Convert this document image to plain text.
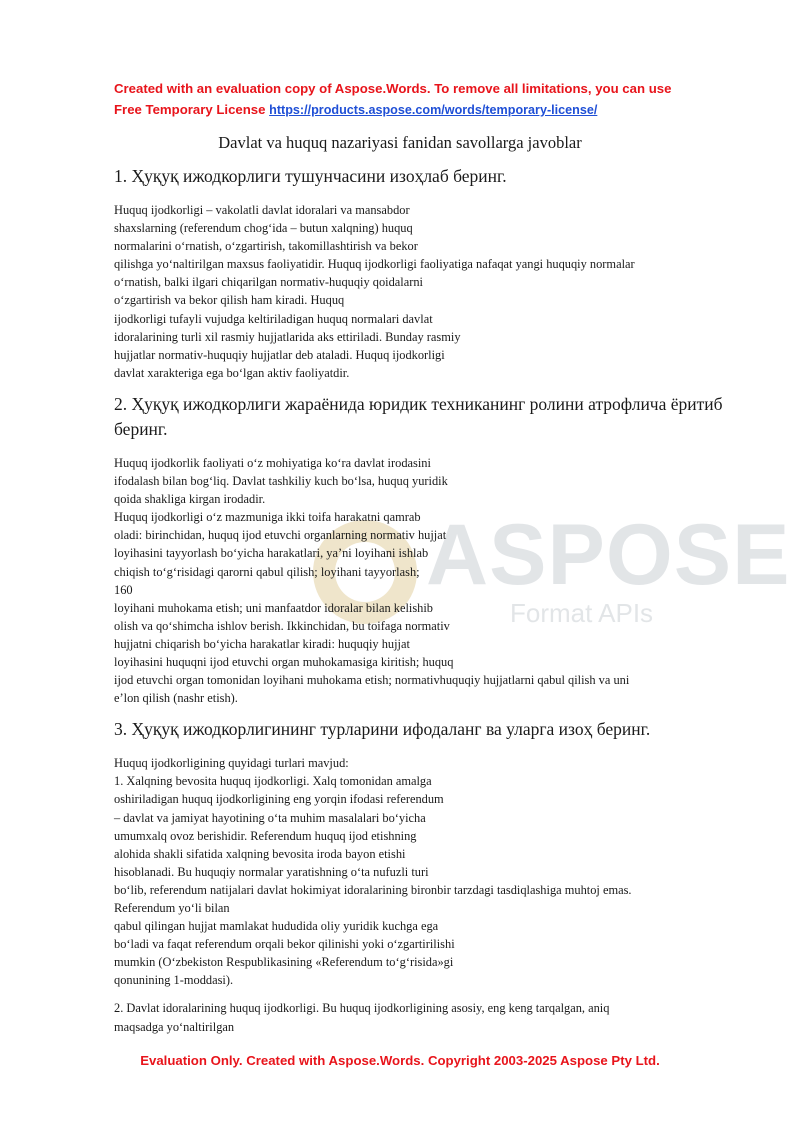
Created with an evaluation copy of Aspose.Words. To remove all limitations, you can use
Free Temporary License https://products.aspose.com/words/temporary-license/
Davlat va huquq nazariyasi fanidan savollarga javoblar
ASPOSE
Format APIs
1. Ҳуқуқ ижодкорлиги тушунчасини изоҳлаб беринг.

Huquq ijodkorligi – vakolatli davlat idoralari va mansabdor
shaxslarning (referendum chog‘ida – butun xalqning) huquq
normalarini o‘rnatish, o‘zgartirish, takomillashtirish va bekor
qilishga yo‘naltirilgan maxsus faoliyatidir. Huquq ijodkorligi faoliyatiga nafaqat yangi huquqiy normalar
o‘rnatish, balki ilgari chiqarilgan normativ-huquqiy qoidalarni
o‘zgartirish va bekor qilish ham kiradi. Huquq
ijodkorligi tufayli vujudga keltiriladigan huquq normalari davlat
idoralarining turli xil rasmiy hujjatlarida aks ettiriladi. Bunday rasmiy
hujjatlar normativ-huquqiy hujjatlar deb ataladi. Huquq ijodkorligi
davlat xarakteriga ega bo‘lgan aktiv faoliyatdir.

2. Ҳуқуқ ижодкорлиги жараёнида юридик техниканинг ролини атрофлича ёритиб беринг.

Huquq ijodkorlik faoliyati o‘z mohiyatiga ko‘ra davlat irodasini
ifodalash bilan bog‘liq. Davlat tashkiliy kuch bo‘lsa, huquq yuridik
qoida shakliga kirgan irodadir.
Huquq ijodkorligi o‘z mazmuniga ikki toifa harakatni qamrab
oladi: birinchidan, huquq ijod etuvchi organlarning normativ hujjat
loyihasini tayyorlash bo‘yicha harakatlari, ya’ni loyihani ishlab
chiqish to‘g‘risidagi qarorni qabul qilish; loyihani tayyorlash;
160
loyihani muhokama etish; uni manfaatdor idoralar bilan kelishib
olish va qo‘shimcha ishlov berish. Ikkinchidan, bu toifaga normativ
hujjatni chiqarish bo‘yicha harakatlar kiradi: huquqiy hujjat
loyihasini huquqni ijod etuvchi organ muhokamasiga kiritish; huquq
ijod etuvchi organ tomonidan loyihani muhokama etish; normativhuquqiy hujjatlarni qabul qilish va uni
e’lon qilish (nashr etish).

3. Ҳуқуқ ижодкорлигининг турларини ифодаланг ва уларга изоҳ беринг.

Huquq ijodkorligining quyidagi turlari mavjud:
1. Xalqning bevosita huquq ijodkorligi. Xalq tomonidan amalga
oshiriladigan huquq ijodkorligining eng yorqin ifodasi referendum
– davlat va jamiyat hayotining o‘ta muhim masalalari bo‘yicha
umumxalq ovoz berishidir. Referendum huquq ijod etishning
alohida shakli sifatida xalqning bevosita iroda bayon etishi
hisoblanadi. Bu huquqiy normalar yaratishning o‘ta nufuzli turi
bo‘lib, referendum natijalari davlat hokimiyat idoralarining bironbir tarzdagi tasdiqlashiga muhtoj emas.
Referendum yo‘li bilan
qabul qilingan hujjat mamlakat hududida oliy yuridik kuchga ega
bo‘ladi va faqat referendum orqali bekor qilinishi yoki o‘zgartirilishi
mumkin (O‘zbekiston Respublikasining «Referendum to‘g‘risida»gi
qonunining 1-moddasi).

2. Davlat idoralarining huquq ijodkorligi. Bu huquq ijodkorligining asosiy, eng keng tarqalgan, aniq
maqsadga yo‘naltirilgan

Evaluation Only. Created with Aspose.Words. Copyright 2003-2025 Aspose Pty Ltd.
